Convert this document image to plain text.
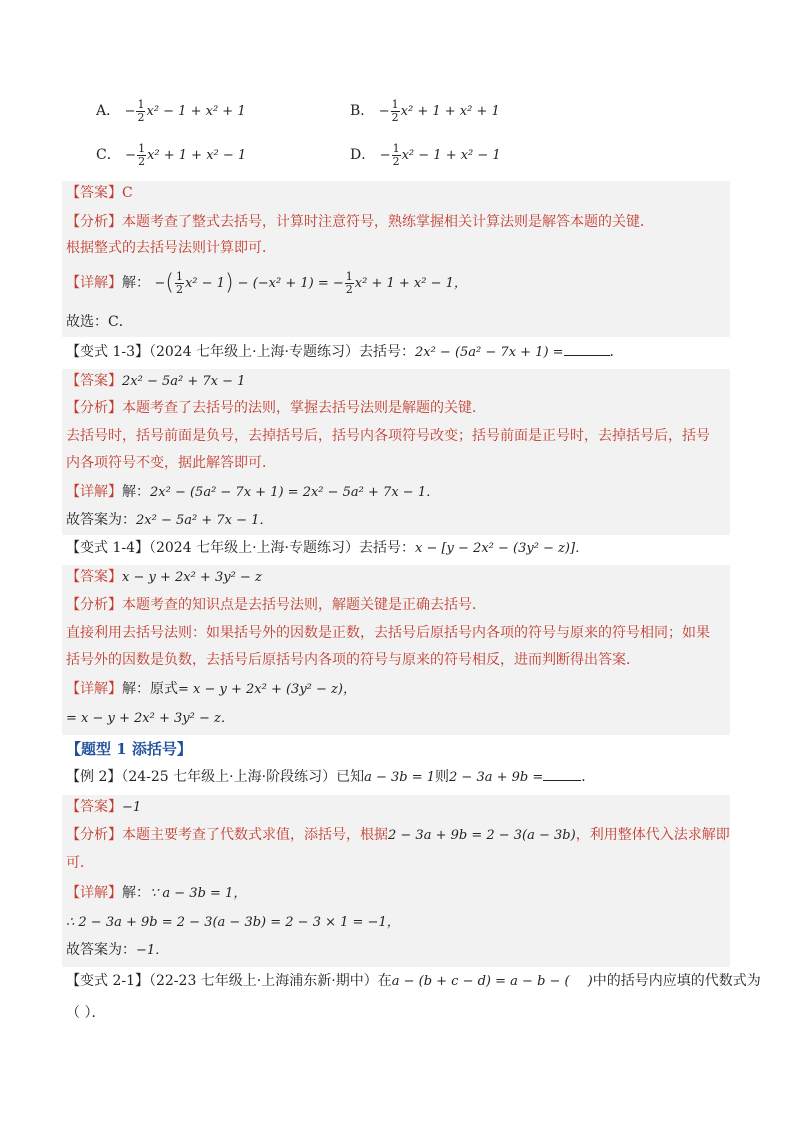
A． − $\frac{1}{2} x^2 - 1 + x^2 + 1$	B． − $\frac{1}{2} x^2 + 1 + x^2 + 1$
C． − $\frac{1}{2} x^2 + 1 + x^2 - 1$	D． − $\frac{1}{2} x^2 - 1 + x^2 - 1$
【答案】C
【分析】本题考查了整式去括号，计算时注意符号，熟练掌握相关计算法则是解答本题的关键．
根据整式的去括号法则计算即可．
【详解】解： −( $\frac{1}{2} x^2 - 1) - (-x^2 + 1)$ = − $\frac{1}{2} x^2 + 1 + x^2 - 1$，
故选：C．
【变式 1-3】（2024 七年级上·上海·专题练习）去括号：2x² − (5a² − 7x + 1) =	．
【答案】2x² − 5a² + 7x − 1
【分析】本题考查了去括号的法则，掌握去括号法则是解题的关键．
去括号时，括号前面是负号，去掉括号后，括号内各项符号改变；括号前面是正号时，去掉括号后，括号
内各项符号不变，据此解答即可．
【详解】解：2x² − (5a² − 7x + 1) = 2x² − 5a² + 7x − 1．
故答案为：2x² − 5a² + 7x − 1．
【变式 1-4】（2024 七年级上·上海·专题练习）去括号：x − [y − 2x² − (3y² − z)]．
【答案】x − y + 2x² + 3y² − z
【分析】本题考查的知识点是去括号法则，解题关键是正确去括号．
直接利用去括号法则：如果括号外的因数是正数，去括号后原括号内各项的符号与原来的符号相同；如果
括号外的因数是负数，去括号后原括号内各项的符号与原来的符号相反，进而判断得出答案．
【详解】解：原式= x − y + 2x² + (3y² − z)，
= x − y + 2x² + 3y² − z．
【题型 1 添括号】
【例 2】（24-25 七年级上·上海·阶段练习）已知a − 3b = 1则2 − 3a + 9b =	．
【答案】−1
【分析】本题主要考查了代数式求值，添括号，根据2 − 3a + 9b = 2 − 3(a − 3b)，利用整体代入法求解即
可．
【详解】解：∵ a − 3b = 1，
∴ 2 − 3a + 9b = 2 − 3(a − 3b) = 2 − 3 × 1 = −1，
故答案为：−1．
【变式 2-1】（22-23 七年级上·上海浦东新·期中）在a − (b + c − d) = a − b − ( )中的括号内应填的代数式为
（ ）．
